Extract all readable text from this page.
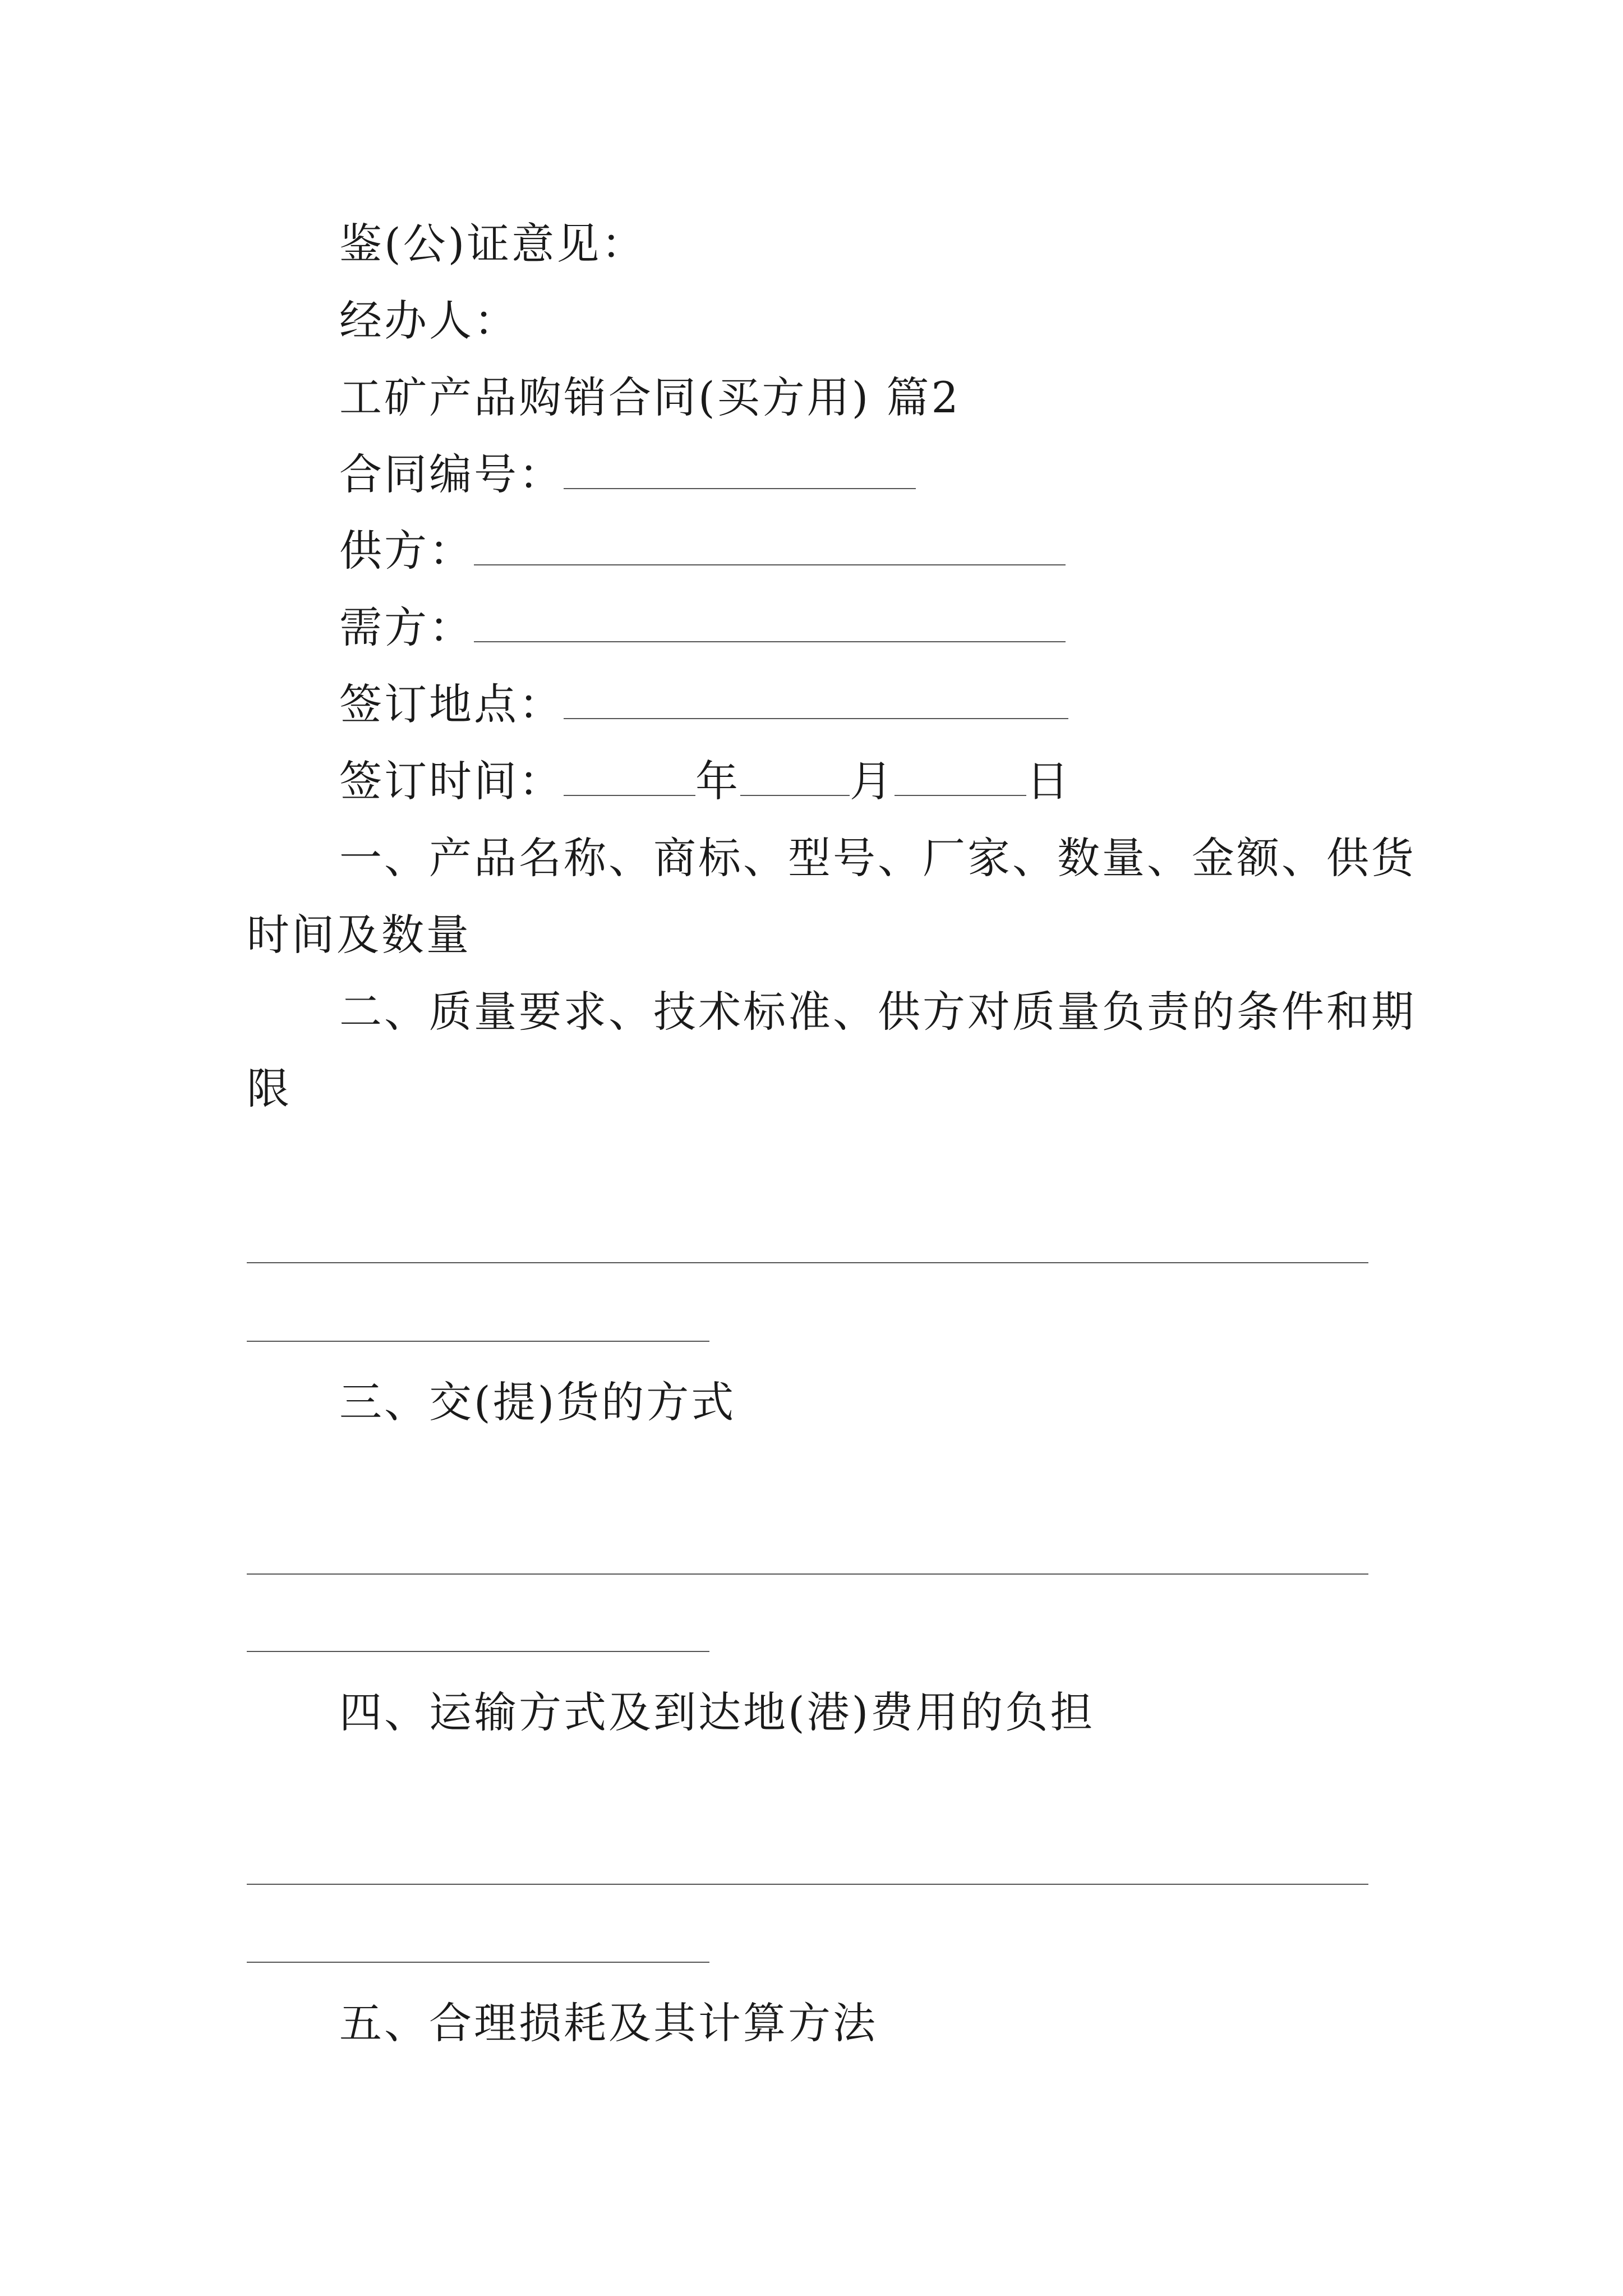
鉴(公)证意见：
经办人：
工矿产品购销合同(买方用) 篇2
合同编号：
供方：
需方：
签订地点：
签订时间：	年	月	日
一、产品名称、商标、型号、厂家、数量、金额、供货
时间及数量
二、质量要求、技术标准、供方对质量负责的条件和期
限
三、交(提)货的方式
四、运输方式及到达地(港)费用的负担
五、合理损耗及其计算方法
